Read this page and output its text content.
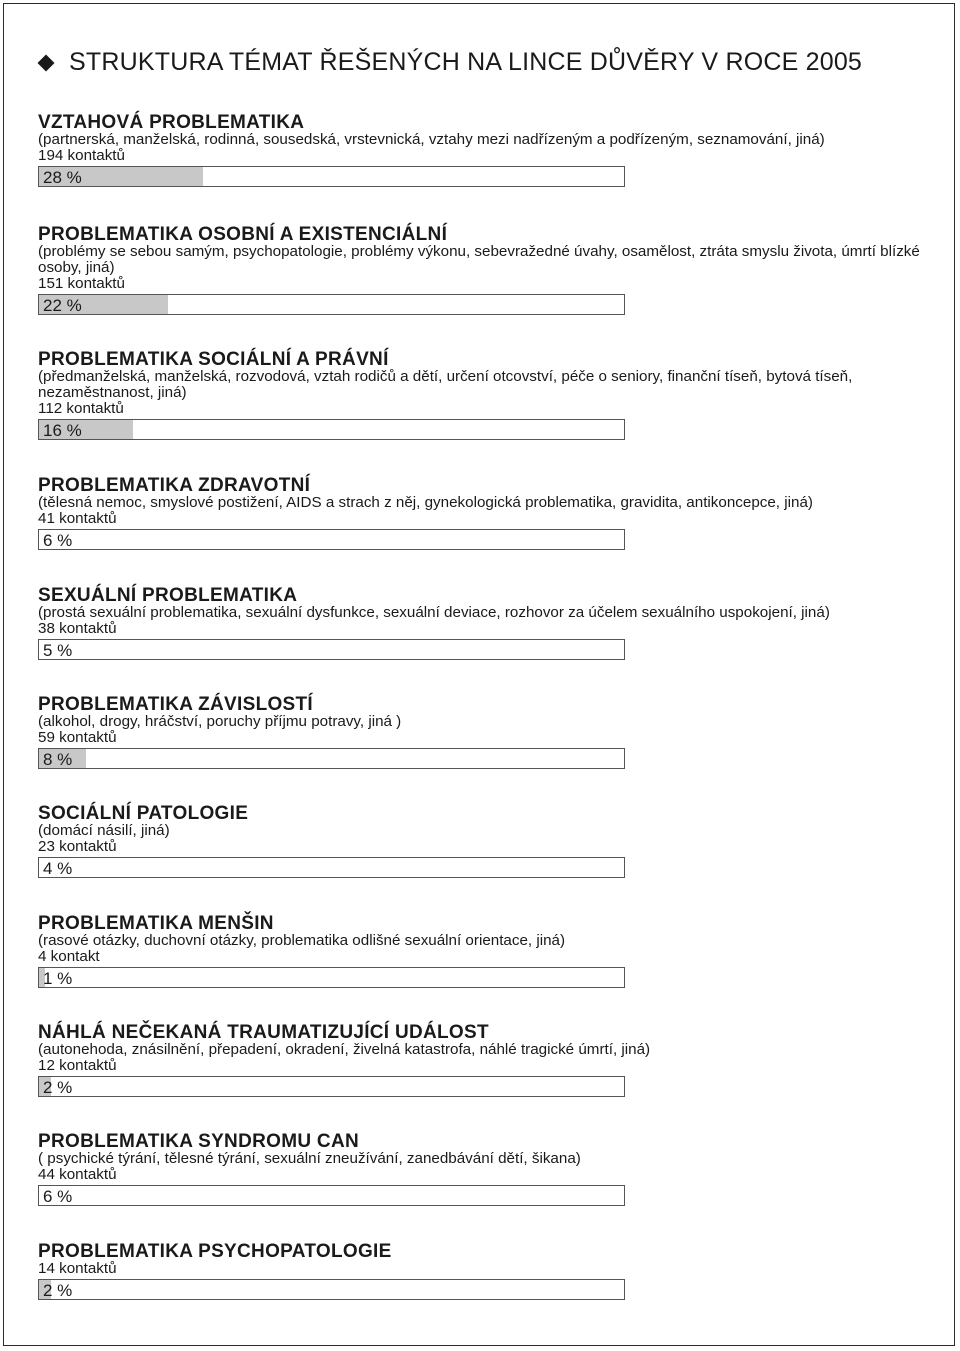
STRUKTURA TÉMAT ŘEŠENÝCH NA LINCE DŮVĚRY V ROCE 2005
VZTAHOVÁ PROBLEMATIKA
(partnerská, manželská, rodinná, sousedská, vrstevnická, vztahy mezi nadřízeným a podřízeným, seznamování, jiná)
194 kontaktů
28 %
PROBLEMATIKA OSOBNÍ A EXISTENCIÁLNÍ
(problémy se sebou samým, psychopatologie, problémy výkonu, sebevražedné úvahy, osamělost, ztráta smyslu života, úmrtí blízké osoby, jiná)
151 kontaktů
22 %
PROBLEMATIKA SOCIÁLNÍ A PRÁVNÍ
(předmanželská, manželská, rozvodová, vztah rodičů a dětí, určení otcovství, péče o seniory, finanční tíseň, bytová tíseň, nezaměstnanost, jiná)
112 kontaktů
16 %
PROBLEMATIKA ZDRAVOTNÍ
(tělesná nemoc, smyslové postižení, AIDS a strach z něj, gynekologická problematika, gravidita, antikoncepce, jiná)
41 kontaktů
6 %
SEXUÁLNÍ PROBLEMATIKA
(prostá sexuální problematika, sexuální dysfunkce, sexuální deviace, rozhovor za účelem sexuálního uspokojení, jiná)
38 kontaktů
5 %
PROBLEMATIKA ZÁVISLOSTÍ
(alkohol, drogy, hráčství, poruchy příjmu potravy, jiná )
59 kontaktů
8 %
SOCIÁLNÍ PATOLOGIE
(domácí násilí, jiná)
23 kontaktů
4 %
PROBLEMATIKA MENŠIN
(rasové otázky, duchovní otázky, problematika odlišné sexuální orientace, jiná)
4 kontakt
1 %
NÁHLÁ NEČEKANÁ TRAUMATIZUJÍCÍ UDÁLOST
(autonehoda, znásilnění, přepadení, okradení, živelná katastrofa, náhlé tragické úmrtí, jiná)
12 kontaktů
2 %
PROBLEMATIKA SYNDROMU CAN
( psychické týrání, tělesné týrání, sexuální zneužívání, zanedbávání dětí, šikana)
44 kontaktů
6 %
PROBLEMATIKA PSYCHOPATOLOGIE
14 kontaktů
2 %
